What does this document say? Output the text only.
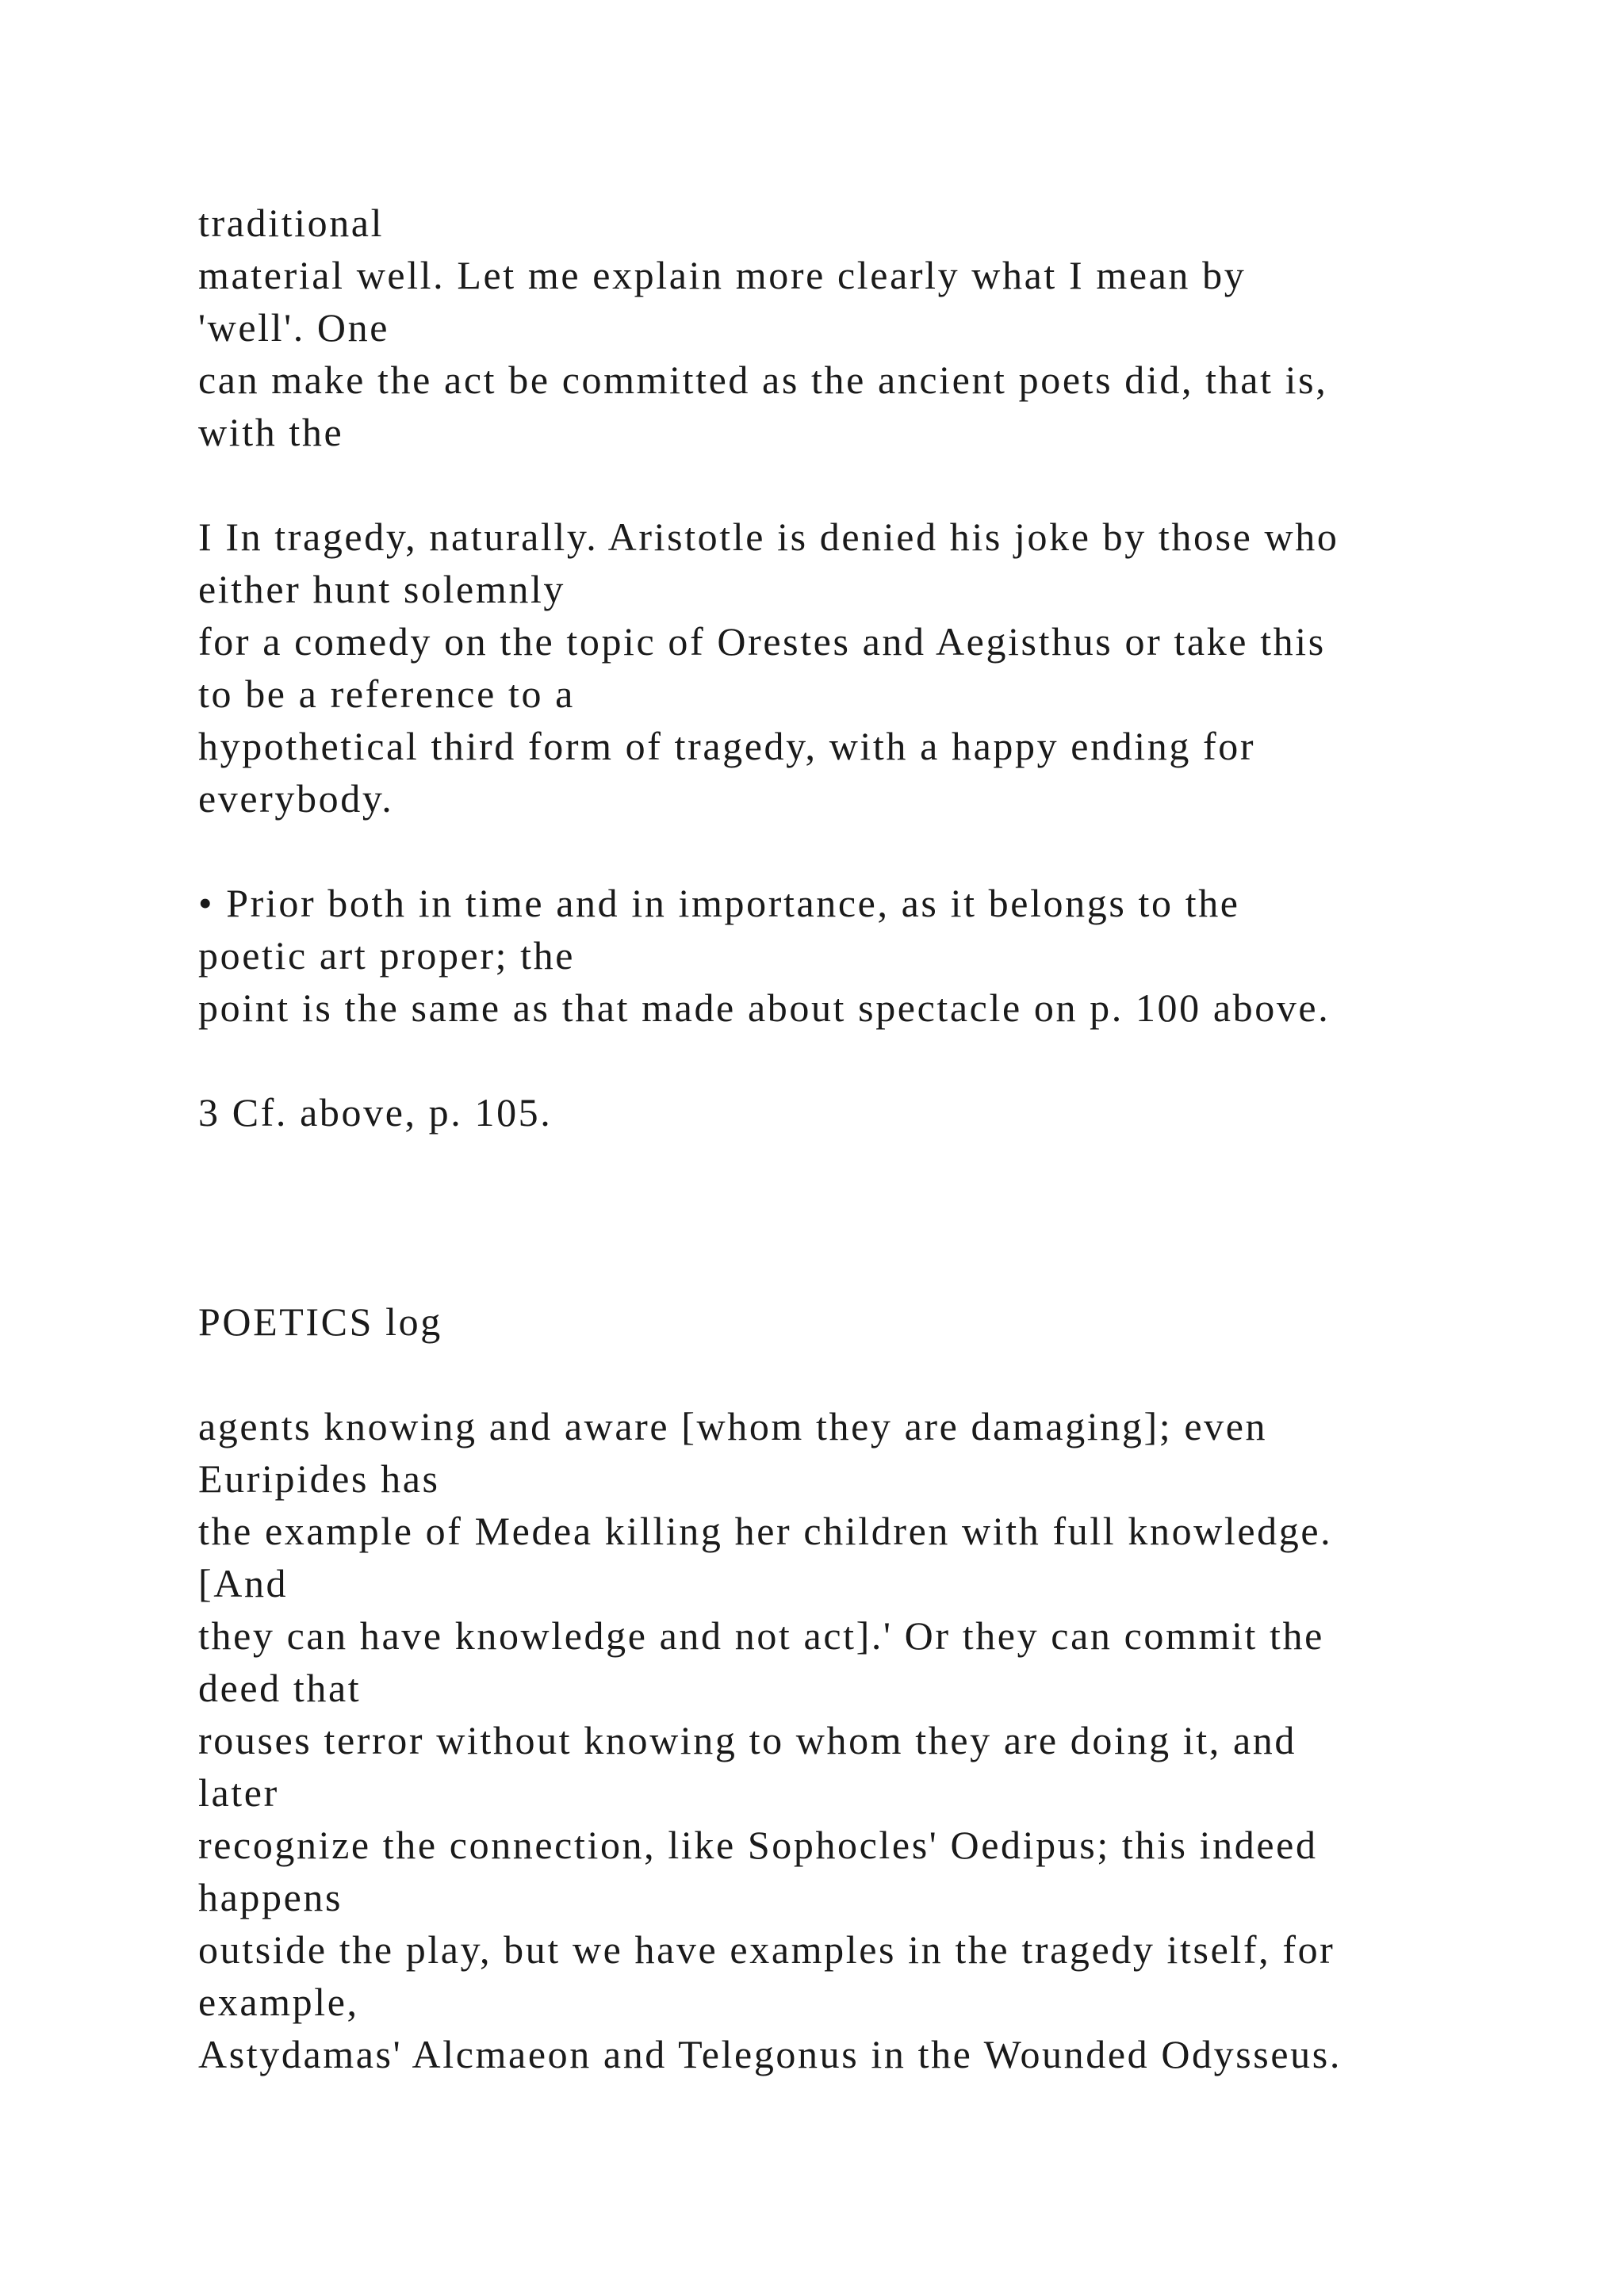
traditional

material well. Let me explain more clearly what I mean by

'well'. One

can make the act be committed as the ancient poets did, that is,

with the

I In tragedy, naturally. Aristotle is denied his joke by those who

either hunt solemnly

for a comedy on the topic of Orestes and Aegisthus or take this

to be a reference to a

hypothetical third form of tragedy, with a happy ending for

everybody.

• Prior both in time and in importance, as it belongs to the

poetic art proper; the

point is the same as that made about spectacle on p. 100 above.

3 Cf. above, p. 105.

POETICS log

agents knowing and aware [whom they are damaging]; even

Euripides has

the example of Medea killing her children with full knowledge.

[And

they can have knowledge and not act].' Or they can commit the

deed that

rouses terror without knowing to whom they are doing it, and

later

recognize the connection, like Sophocles' Oedipus; this indeed

happens

outside the play, but we have examples in the tragedy itself, for

example,

Astydamas' Alcmaeon and Telegonus in the Wounded Odysseus.
